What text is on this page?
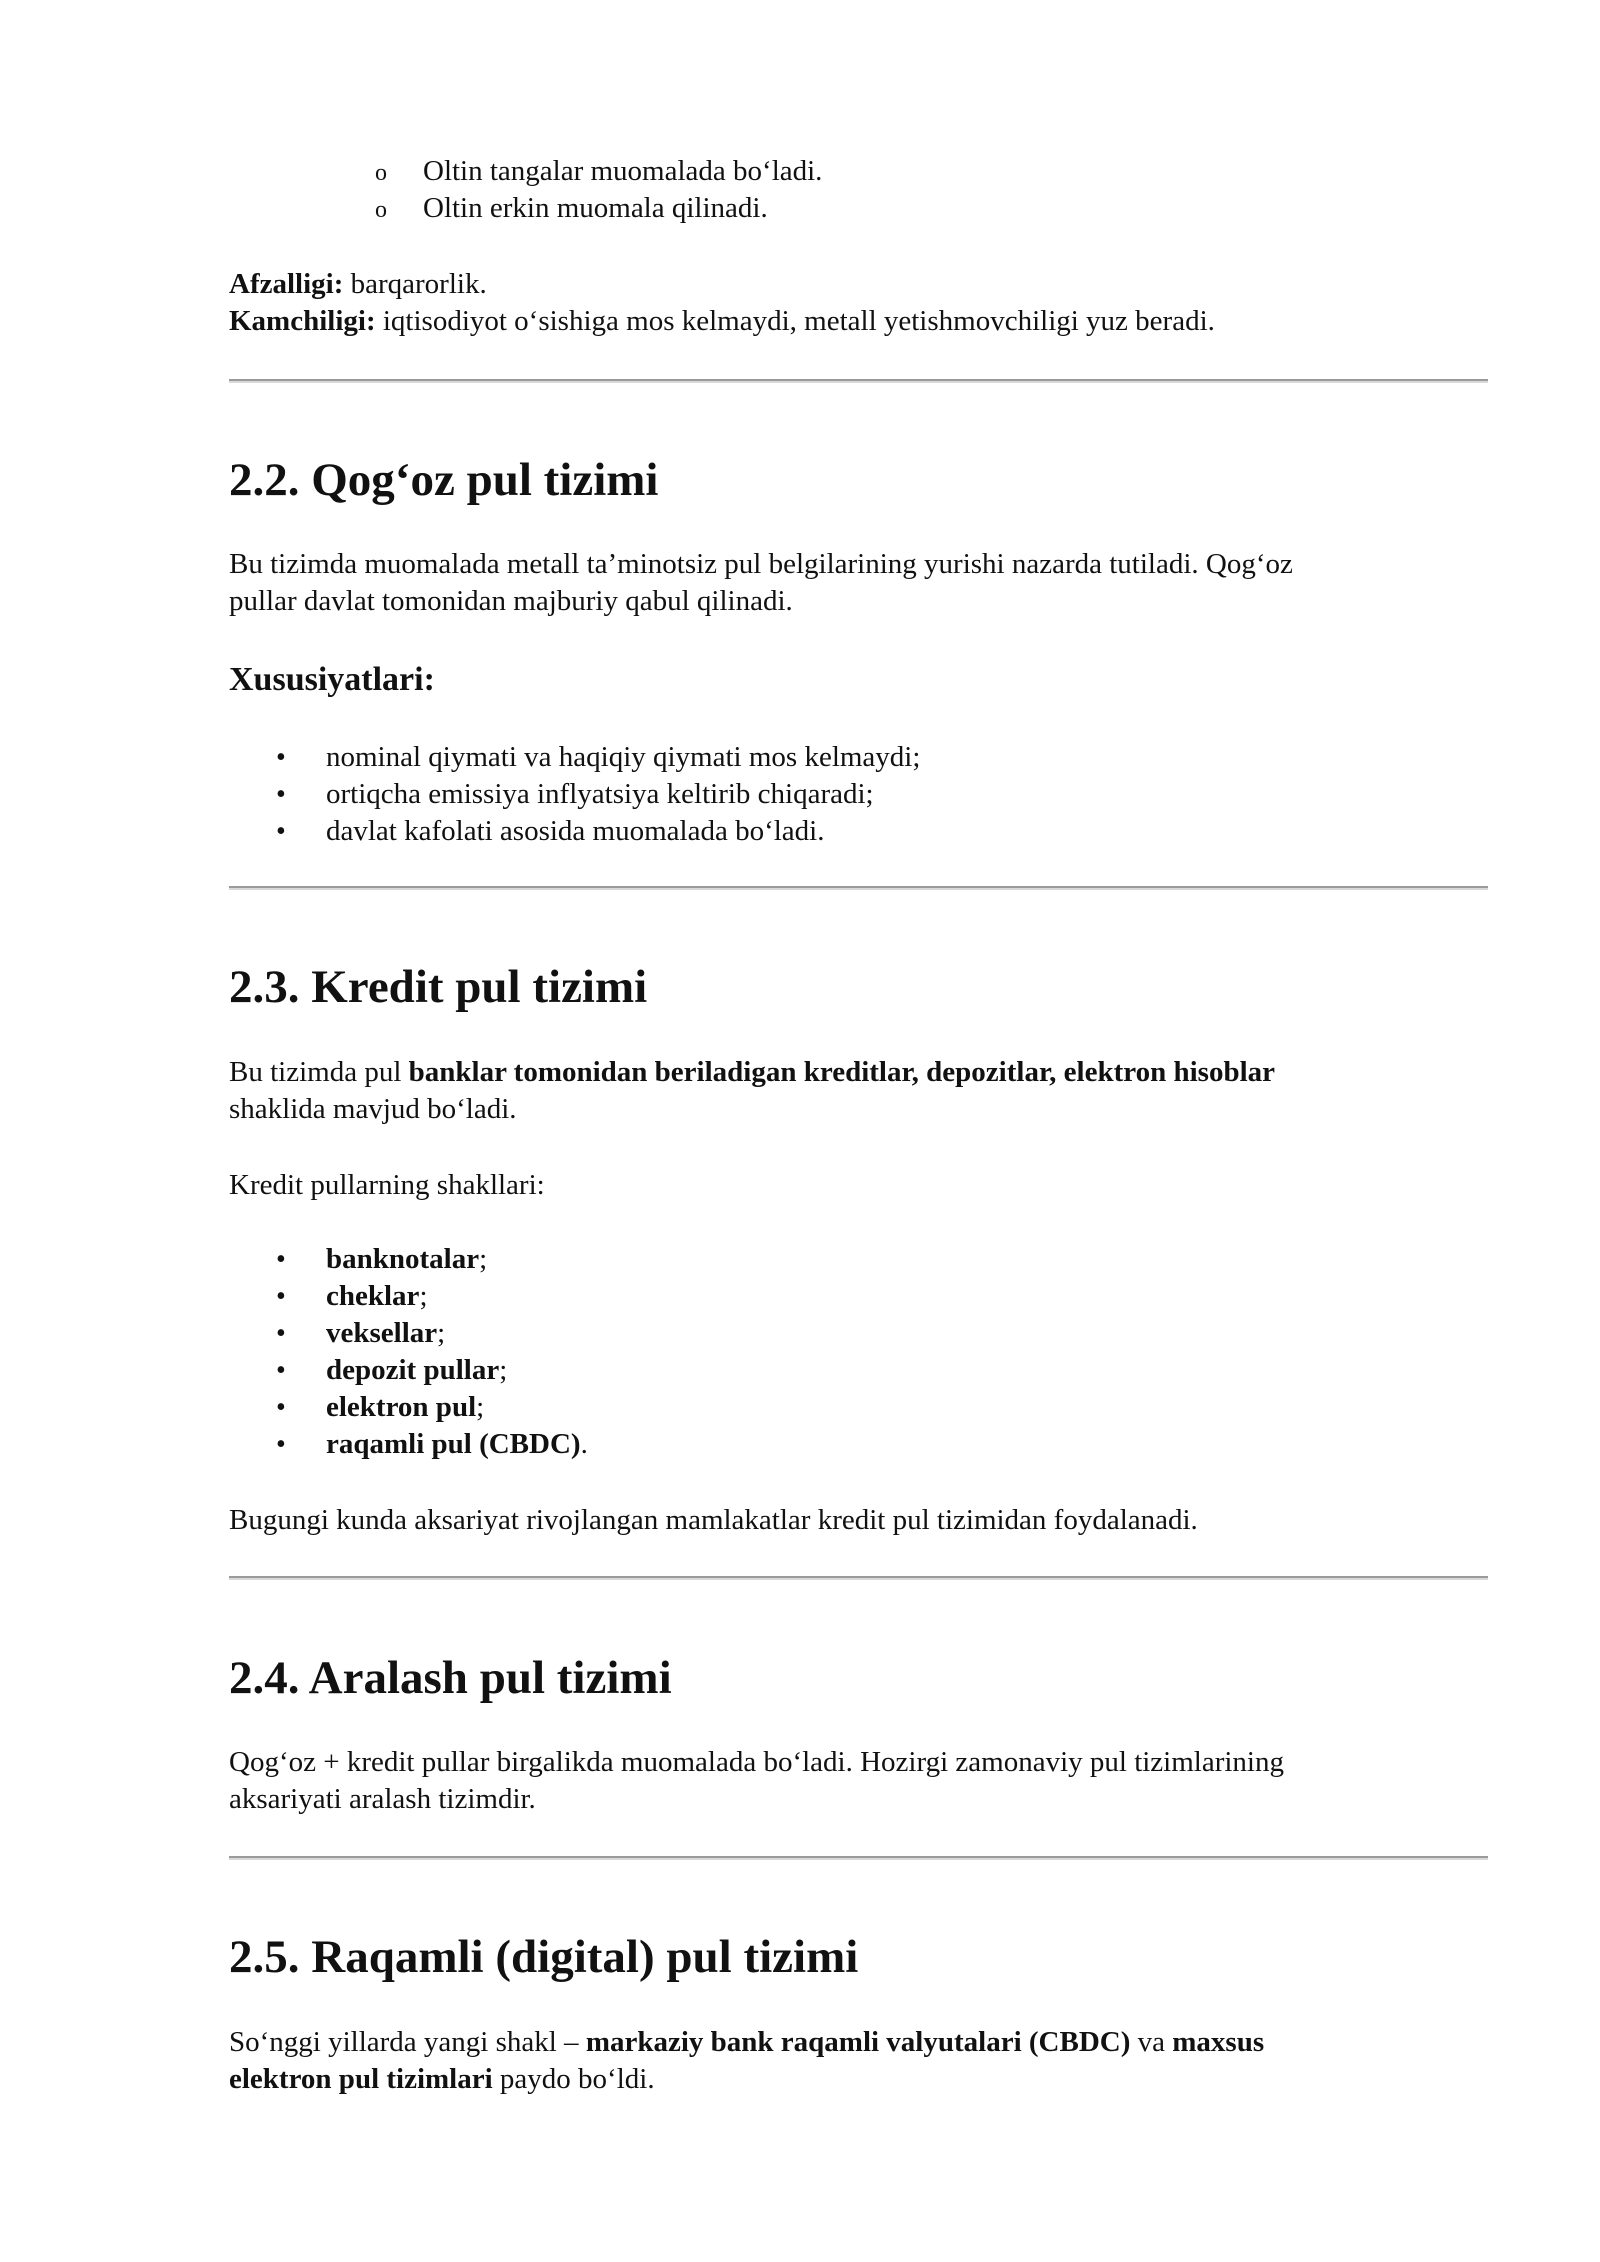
o Oltin tangalar muomalada bo‘ladi.
o Oltin erkin muomala qilinadi.

Afzalligi: barqarorlik.

Kamchiligi: iqtisodiyot o‘sishiga mos kelmaydi, metall yetishmovchiligi yuz beradi.

2.2. Qog‘oz pul tizimi

Bu tizimda muomalada metall ta’minotsiz pul belgilarining yurishi nazarda tutiladi. Qog‘oz

pullar davlat tomonidan majburiy qabul qilinadi.

Xususiyatlari:
• nominal qiymati va haqiqiy qiymati mos kelmaydi;
• ortiqcha emissiya inflyatsiya keltirib chiqaradi;
• davlat kafolati asosida muomalada bo‘ladi.
2.3. Kredit pul tizimi

Bu tizimda pul banklar tomonidan beriladigan kreditlar, depozitlar, elektron hisoblar

shaklida mavjud bo‘ladi.

Kredit pullarning shakllari:

• banknotalar;
• cheklar;
• veksellar;
• depozit pullar;
• elektron pul;
• raqamli pul (CBDC).

Bugungi kunda aksariyat rivojlangan mamlakatlar kredit pul tizimidan foydalanadi.

2.4. Aralash pul tizimi

Qog‘oz + kredit pullar birgalikda muomalada bo‘ladi. Hozirgi zamonaviy pul tizimlarining

aksariyati aralash tizimdir.

2.5. Raqamli (digital) pul tizimi

So‘nggi yillarda yangi shakl – markaziy bank raqamli valyutalari (CBDC) va maxsus

elektron pul tizimlari paydo bo‘ldi.
